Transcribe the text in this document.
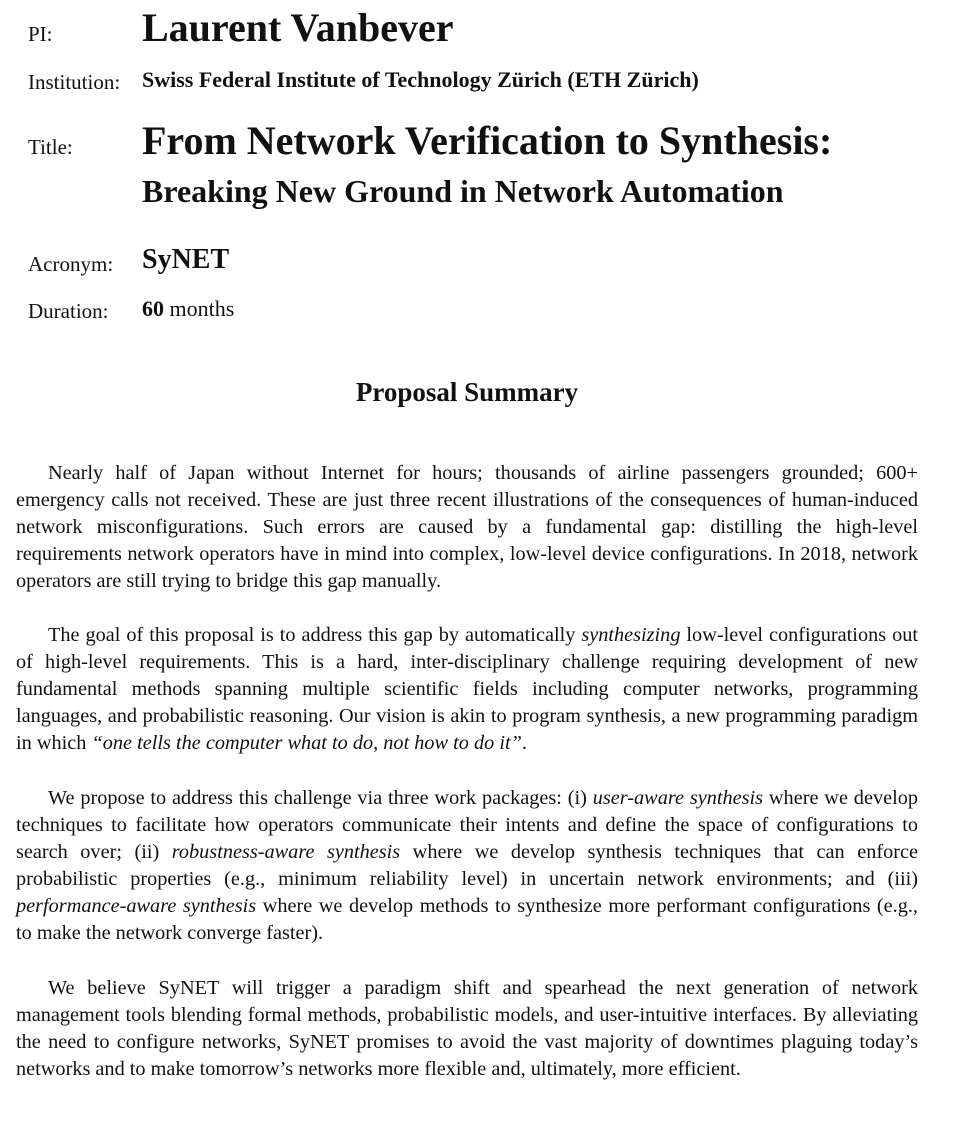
PI: Laurent Vanbever
Institution: Swiss Federal Institute of Technology Zürich (ETH Zürich)
Title: From Network Verification to Synthesis:
Breaking New Ground in Network Automation
Acronym: SyNET
Duration: 60 months
Proposal Summary

Nearly half of Japan without Internet for hours; thousands of airline passengers grounded; 600+ emergency calls not received. These are just three recent illustrations of the consequences of human-induced network misconfigurations. Such errors are caused by a fundamental gap: distilling the high-level requirements network operators have in mind into complex, low-level device configurations. In 2018, network operators are still trying to bridge this gap manually.

The goal of this proposal is to address this gap by automatically synthesizing low-level configurations out of high-level requirements. This is a hard, inter-disciplinary challenge requiring development of new fundamental methods spanning multiple scientific fields including computer networks, programming languages, and probabilistic reasoning. Our vision is akin to program synthesis, a new programming paradigm in which “one tells the computer what to do, not how to do it”.

We propose to address this challenge via three work packages: (i) user-aware synthesis where we develop techniques to facilitate how operators communicate their intents and define the space of configurations to search over; (ii) robustness-aware synthesis where we develop synthesis techniques that can enforce probabilistic properties (e.g., minimum reliability level) in uncertain network environments; and (iii) performance-aware synthesis where we develop methods to synthesize more performant configurations (e.g., to make the network converge faster).

We believe SyNET will trigger a paradigm shift and spearhead the next generation of network management tools blending formal methods, probabilistic models, and user-intuitive interfaces. By alleviating the need to configure networks, SyNET promises to avoid the vast majority of downtimes plaguing today’s networks and to make tomorrow’s networks more flexible and, ultimately, more efficient.
